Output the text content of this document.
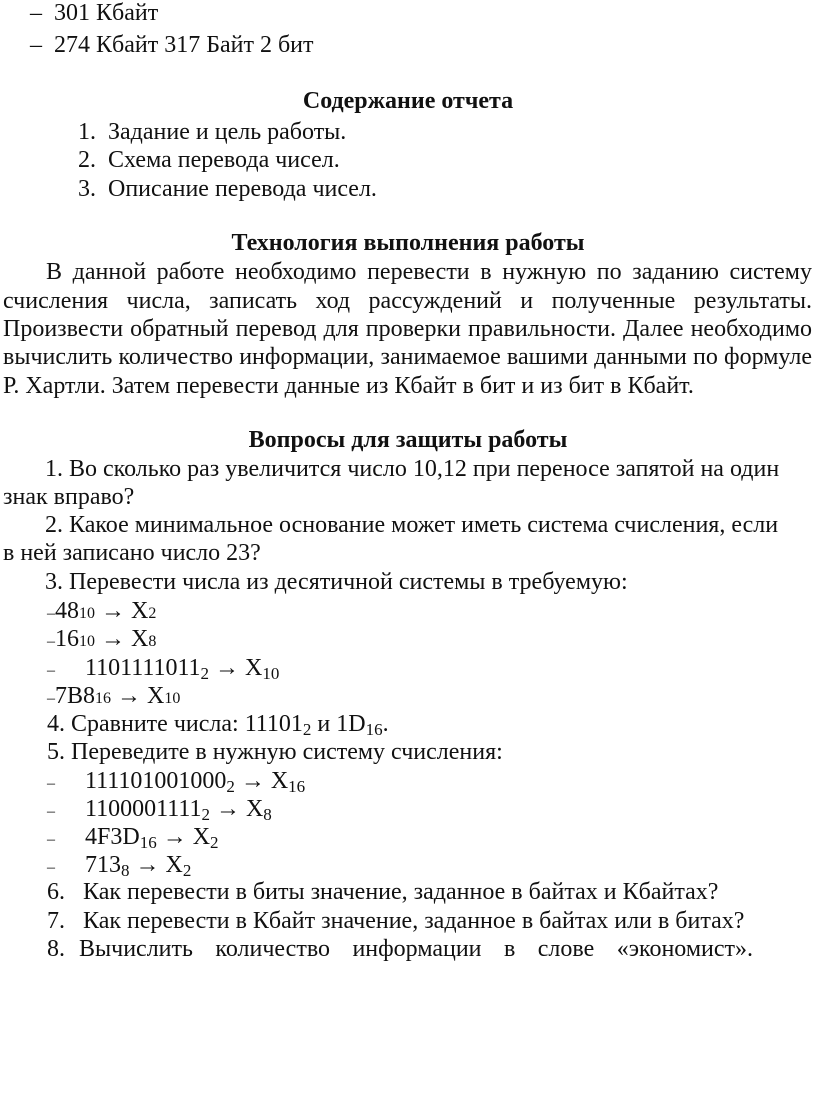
– 301 Кбайт
– 274 Кбайт 317 Байт 2 бит
Содержание отчета
1. Задание и цель работы.
2. Схема перевода чисел.
3. Описание перевода чисел.
Технология выполнения работы
В данной работе необходимо перевести в нужную по заданию систему
счисления числа, записать ход рассуждений и полученные результаты.
Произвести обратный перевод для проверки правильности. Далее необходимо
вычислить количество информации, занимаемое вашими данными по формуле
Р. Хартли. Затем перевести данные из Кбайт в бит и из бит в Кбайт.
Вопросы для защиты работы
1. Во сколько раз увеличится число 10,12 при переносе запятой на один
знак вправо?
2. Какое минимальное основание может иметь система счисления, если
в ней записано число 23?
3. Перевести числа из десятичной системы в требуемую:
–4810 → X2
–1610 → X8
– 11011110112 → X10
–7B816 → X10
4. Сравните числа: 111012 и 1D16.
5. Переведите в нужную систему счисления:
– 1111010010002 → X16
– 11000011112 → X8
– 4F3D16 → X2
– 7138 → X2
6. Как перевести в биты значение, заданное в байтах и Кбайтах?
7. Как перевести в Кбайт значение, заданное в байтах или в битах?
8. Вычислить количество информации в слове «экономист».
